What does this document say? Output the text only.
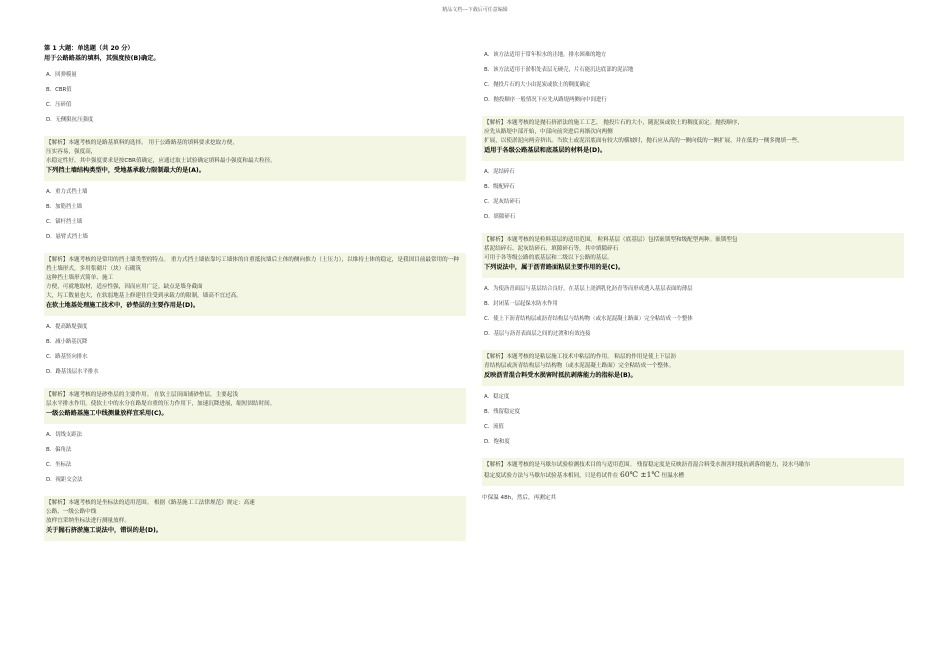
精品文档---下载后可任意编辑
第 1 大题：单选题（共 20 分）
用于公路路基的填料，其强度按(B)确定。
A．回弹模量
B．CBR值
C．压碎值
D．无侧限抗压强度
【解析】本题考核的是路基填料的选择。 用于公路路基的填料要求挖取方便，
压实容易，强度高，
水稳定性好。其中强度要求是按CBR值确定，应通过取土试验确定填料最小强度和最大粒径。
下列挡土墙结构类型中，受地基承载力限制最大的是(A)。
A．重力式挡土墙
B．加筋挡土墙
C．锚杆挡土墙
D．悬臂式挡土墙
【解析】本题考核的是常用的挡土墙类型的特点。 重力式挡土墙依靠圬工墙体的自重抵抗墙后土体的侧向推力（土压力），以维持土体的稳定，是我国目前最常用的一种挡土墙形式，多用浆砌片（块）石砌筑
这种挡土墙形式简单、施工
方便，可就地取材，适应性强，因而应用广泛。缺点是墙身截面
大，圬工数量也大，在软弱地基上修建往往受到承载力的限制，墙高不宜过高。
在软土地基处理施工技术中，砂垫层的主要作用是(D)。
A．提高路堤强度
B．减小路基沉降
C．路基竖向排水
D．路基浅层水平排水
【解析】本题考核的是砂垫层的主要作用。 在软土层顶面铺砂垫层，主要起浅
层水平排水作用，使软土中的水分在路堤自重的压力作用下，加速沉降进展，缩短固结时间。
一级公路路基施工中线测量放样宜采用(C)。
A．切线支距法
B．偏角法
C．坐标法
D．视距交会法
【解析】本题考核的是坐标法的适用范围。 根据《路基施工工法律规范》规定：高速
公路、一级公路中线
放样宜采纳坐标法进行测量放样。
关于抛石挤淤施工说法中，错误的是(D)。
A．该方法适用于常年积水的洼地，排水困难的地方
B．该方法适用于淤积处表层无硬壳，片石能沉达底部的泥沼地
C．抛投片石的大小由泥炭或软土的稠度确定
D．抛投顺序一般情况下应先从路堤两侧向中间进行
【解析】本题考核的是抛石挤淤法的施工工艺。 抛投片石的大小，随泥炭或软土的稠度而定。抛投顺序，
应先从路堤中部开始，中部向前突进后再渐次向两侧
扩展，以使淤泥向两旁挤出。当软土或泥沼底面有较大的横坡时，抛石应从高的一侧向低的一侧扩展，并在低的一侧多抛填一些。
适用于各级公路基层和底基层的材料是(D)。
A．泥结碎石
B．级配碎石
C．泥灰结碎石
D．填隙碎石
【解析】本题考核的是粒料基层的适用范围。 粒料基层（底基层）包括嵌锁型和级配型两种。嵌锁型包
括泥结碎石、泥灰结碎石、填隙碎石等，其中填隙碎石
可用于各等级公路的底基层和二级以下公路的基层。
下列说法中，属于沥青路面粘层主要作用的是(C)。
A．为使沥青面层与基层结合良好，在基层上浇洒乳化沥青等而形成透入基层表面的薄层
B．封闭某一层起保水防水作用
C．使上下沥青结构层或沥青结构层与结构物（或水泥混凝土路面）完全粘结成一个整体
D．基层与沥青表面层之间的过渡和有效连接
【解析】本题考核的是粘层施工技术中粘层的作用。 粘层的作用是使上下层沥
青结构层或沥青结构层与结构物（或水泥混凝土路面）完全粘结成一个整体。
反映沥青混合料受水损害时抵抗剥落能力的指标是(B)。
A．稳定度
B．残留稳定度
C．流值
D．饱和度
【解析】本题考核的是马歇尔试验检测技术目的与适用范围。 残留稳定度是反映沥青混合料受水损害时抵抗剥落的能力，浸水马歇尔
稳定度试验方法与马歇尔试验基本相同，只是将试件在 60℃ ±1℃ 恒温水槽
中保温 48h，然后，再测定其
